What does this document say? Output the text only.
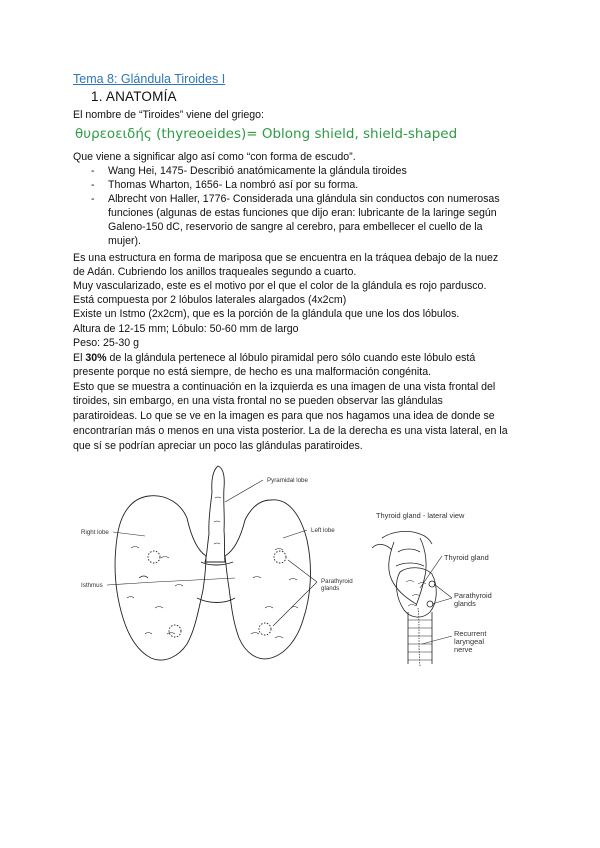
Tema 8: Glándula Tiroides I
1. ANATOMÍA
El nombre de “Tiroides” viene del griego:
θυρεοειδής (thyreoeides)= Oblong shield, shield-shaped
Que viene a significar algo así como “con forma de escudo”.
- Wang Hei, 1475- Describió anatómicamente la glándula tiroides
- Thomas Wharton, 1656- La nombró así por su forma.
- Albrecht von Haller, 1776- Considerada una glándula sin conductos con numerosas
funciones (algunas de estas funciones que dijo eran: lubricante de la laringe según
Galeno-150 dC, reservorio de sangre al cerebro, para embellecer el cuello de la
mujer).
Es una estructura en forma de mariposa que se encuentra en la tráquea debajo de la nuez
de Adán. Cubriendo los anillos traqueales segundo a cuarto.
Muy vascularizado, este es el motivo por el que el color de la glándula es rojo pardusco.
Está compuesta por 2 lóbulos laterales alargados (4x2cm)
Existe un Istmo (2x2cm), que es la porción de la glándula que une los dos lóbulos.
Altura de 12-15 mm; Lóbulo: 50-60 mm de largo
Peso: 25-30 g
El 30% de la glándula pertenece al lóbulo piramidal pero sólo cuando este lóbulo está
presente porque no está siempre, de hecho es una malformación congénita.
Esto que se muestra a continuación en la izquierda es una imagen de una vista frontal del
tiroides, sin embargo, en una vista frontal no se pueden observar las glándulas
paratiroideas. Lo que se ve en la imagen es para que nos hagamos una idea de donde se
encontrarían más o menos en una vista posterior. La de la derecha es una vista lateral, en la
que sí se podrían apreciar un poco las glándulas paratiroides.
Pyramidal lobe
Right lobe	Left lobe
Isthmus
Parathyroid
glands
Thyroid gland - lateral view
Thyroid gland
Parathyroid
glands
Recurrent
laryngeal
nerve
